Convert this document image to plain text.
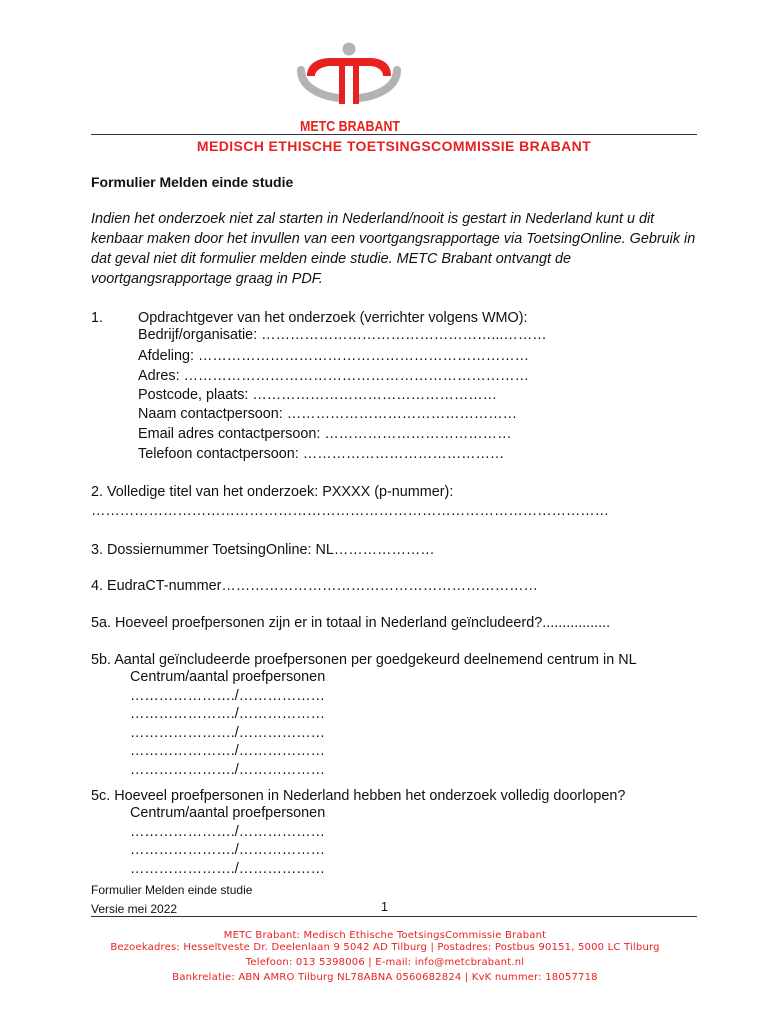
METC BRABANT
MEDISCH ETHISCHE TOETSINGSCOMMISSIE BRABANT
Formulier Melden einde studie

Indien het onderzoek niet zal starten in Nederland/nooit is gestart in Nederland kunt u dit kenbaar maken door het invullen van een voortgangsrapportage via ToetsingOnline. Gebruik in dat geval niet dit formulier melden einde studie. METC Brabant ontvangt de voortgangsrapportage graag in PDF.

1. Opdrachtgever van het onderzoek (verrichter volgens WMO):
Bedrijf/organisatie: …………………………………………...………
Afdeling: ……………………………………………………………
Adres: ………………………………………………………………
Postcode, plaats: ……………………………………………
Naam contactpersoon: …………………………………………
Email adres contactpersoon: …………………………………
Telefoon contactpersoon: ……………………………………
2. Volledige titel van het onderzoek: PXXXX (p-nummer):
………………………………………………………………………………………………
3. Dossiernummer ToetsingOnline: NL…………………
4. EudraCT-nummer…………………………………………………………
5a. Hoeveel proefpersonen zijn er in totaal in Nederland geïncludeerd?.................
5b. Aantal geïncludeerde proefpersonen per goedgekeurd deelnemend centrum in NL
Centrum/aantal proefpersonen
…………………./………………
…………………./………………
…………………./………………
…………………./………………
…………………./………………
5c. Hoeveel proefpersonen in Nederland hebben het onderzoek volledig doorlopen?
Centrum/aantal proefpersonen
…………………./………………
…………………./………………
…………………./………………
Formulier Melden einde studie
Versie mei 2022	1
METC Brabant: Medisch Ethische ToetsingsCommissie Brabant
Bezoekadres: Hesseltveste Dr. Deelenlaan 9 5042 AD Tilburg | Postadres: Postbus 90151, 5000 LC Tilburg
Telefoon: 013 5398006 | E-mail: info@metcbrabant.nl
Bankrelatie: ABN AMRO Tilburg NL78ABNA 0560682824 | KvK nummer: 18057718
